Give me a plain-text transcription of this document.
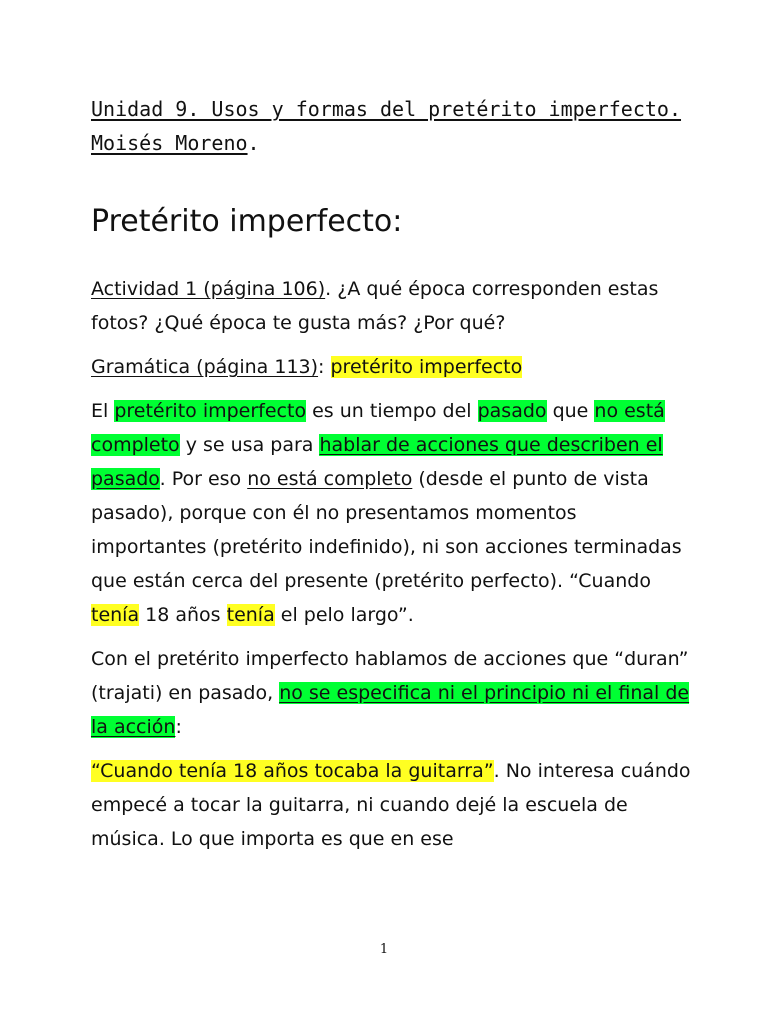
Unidad 9. Usos y formas del pretérito imperfecto. Moisés Moreno.
Pretérito imperfecto:

Actividad 1 (página 106). ¿A qué época corresponden estas fotos? ¿Qué época te gusta más? ¿Por qué?

Gramática (página 113): pretérito imperfecto

El pretérito imperfecto es un tiempo del pasado que no está completo y se usa para hablar de acciones que describen el pasado. Por eso no está completo (desde el punto de vista pasado), porque con él no presentamos momentos importantes (pretérito indefinido), ni son acciones terminadas que están cerca del presente (pretérito perfecto). “Cuando tenía 18 años tenía el pelo largo”.

Con el pretérito imperfecto hablamos de acciones que “duran” (trajati) en pasado, no se especifica ni el principio ni el final de la acción:

“Cuando tenía 18 años tocaba la guitarra”. No interesa cuándo empecé a tocar la guitarra, ni cuando dejé la escuela de música. Lo que importa es que en ese

1
